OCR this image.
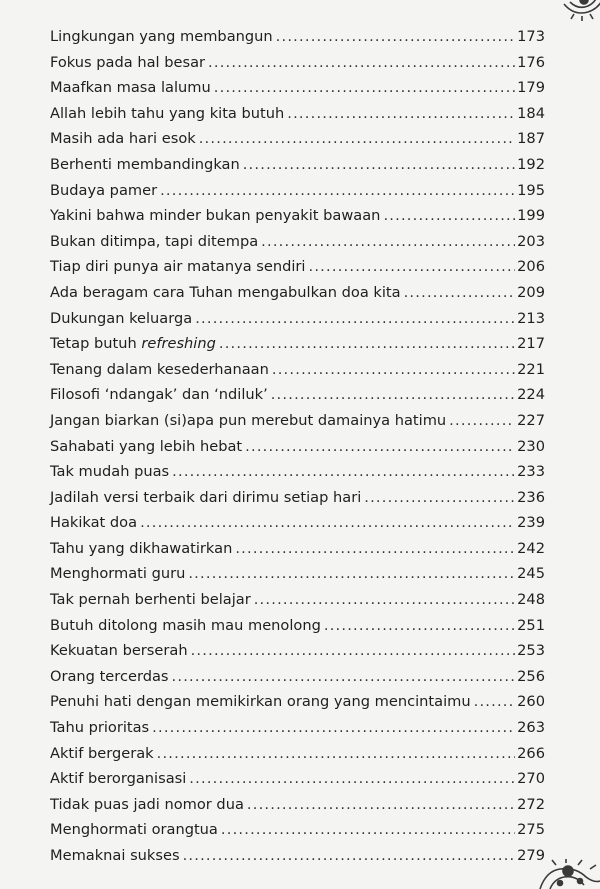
Lingkungan yang membangun .....	173
Fokus pada hal besar .....	176
Maafkan masa lalumu .....	179
Allah lebih tahu yang kita butuh .....	184
Masih ada hari esok .....	187
Berhenti membandingkan .....	192
Budaya pamer .....	195
Yakini bahwa minder bukan penyakit bawaan .....	199
Bukan ditimpa, tapi ditempa .....	203
Tiap diri punya air matanya sendiri .....	206
Ada beragam cara Tuhan mengabulkan doa kita .....	209
Dukungan keluarga .....	213
Tetap butuh refreshing .....	217
Tenang dalam kesederhanaan .....	221
Filosofi ‘ndangak’ dan ‘ndiluk’ .....	224
Jangan biarkan (si)apa pun merebut damainya hatimu .....	227
Sahabati yang lebih hebat .....	230
Tak mudah puas .....	233
Jadilah versi terbaik dari dirimu setiap hari .....	236
Hakikat doa .....	239
Tahu yang dikhawatirkan .....	242
Menghormati guru .....	245
Tak pernah berhenti belajar .....	248
Butuh ditolong masih mau menolong .....	251
Kekuatan berserah .....	253
Orang tercerdas .....	256
Penuhi hati dengan memikirkan orang yang mencintaimu .....	260
Tahu prioritas .....	263
Aktif bergerak .....	266
Aktif berorganisasi .....	270
Tidak puas jadi nomor dua .....	272
Menghormati orangtua .....	275
Memaknai sukses .....	279
